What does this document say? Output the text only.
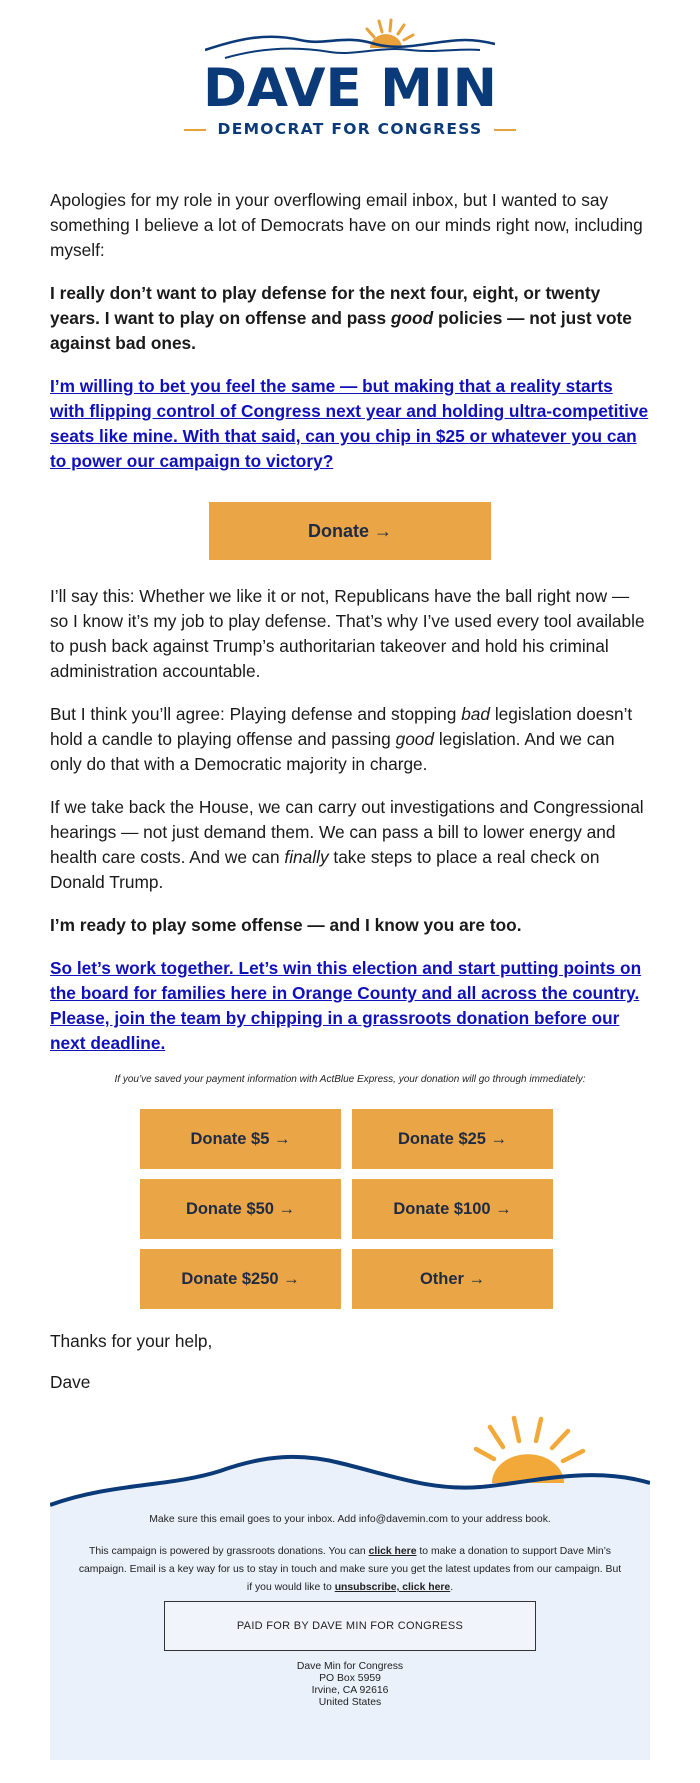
DAVE MIN
DEMOCRAT FOR CONGRESS

Apologies for my role in your overflowing email inbox, but I wanted to say something I believe a lot of Democrats have on our minds right now, including myself:

I really don’t want to play defense for the next four, eight, or twenty years. I want to play on offense and pass good policies — not just vote against bad ones.

I’m willing to bet you feel the same — but making that a reality starts with flipping control of Congress next year and holding ultra-competitive seats like mine. With that said, can you chip in $25 or whatever you can to power our campaign to victory?

Donate →

I’ll say this: Whether we like it or not, Republicans have the ball right now — so I know it’s my job to play defense. That’s why I’ve used every tool available to push back against Trump’s authoritarian takeover and hold his criminal administration accountable.

But I think you’ll agree: Playing defense and stopping bad legislation doesn’t hold a candle to playing offense and passing good legislation. And we can only do that with a Democratic majority in charge.

If we take back the House, we can carry out investigations and Congressional hearings — not just demand them. We can pass a bill to lower energy and health care costs. And we can finally take steps to place a real check on Donald Trump.

I’m ready to play some offense — and I know you are too.

So let’s work together. Let’s win this election and start putting points on the board for families here in Orange County and all across the country. Please, join the team by chipping in a grassroots donation before our next deadline.

If you’ve saved your payment information with ActBlue Express, your donation will go through immediately:
Donate $5 →	Donate $25 →
Donate $50 →	Donate $100 →
Donate $250 →	Other →

Thanks for your help,

Dave

Make sure this email goes to your inbox. Add info@davemin.com to your address book.
This campaign is powered by grassroots donations. You can click here to make a donation to support Dave Min’s campaign. Email is a key way for us to stay in touch and make sure you get the latest updates from our campaign. But if you would like to unsubscribe, click here.
PAID FOR BY DAVE MIN FOR CONGRESS
Dave Min for Congress
PO Box 5959
Irvine, CA 92616
United States
